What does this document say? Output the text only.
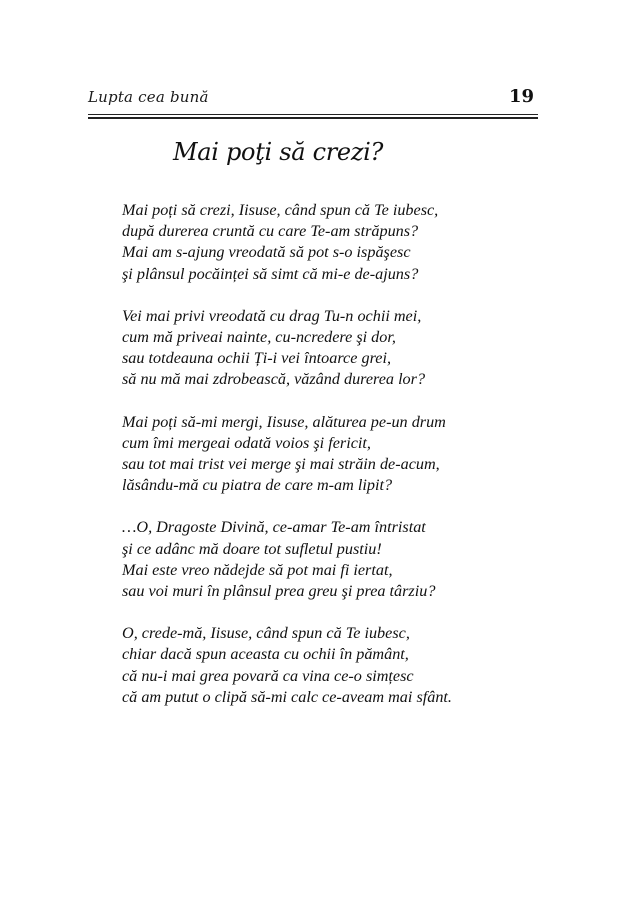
Lupta cea bună	19
Mai poţi să crezi?
Mai poți să crezi, Iisuse, când spun că Te iubesc,
după durerea cruntă cu care Te-am străpuns?
Mai am s-ajung vreodată să pot s-o ispăşesc
şi plânsul pocăinței să simt că mi-e de-ajuns?
Vei mai privi vreodată cu drag Tu-n ochii mei,
cum mă priveai nainte, cu-ncredere şi dor,
sau totdeauna ochii Ți-i vei întoarce grei,
să nu mă mai zdrobească, văzând durerea lor?
Mai poți să-mi mergi, Iisuse, alăturea pe-un drum
cum îmi mergeai odată voios şi fericit,
sau tot mai trist vei merge şi mai străin de-acum,
lăsându-mă cu piatra de care m-am lipit?
…O, Dragoste Divină, ce-amar Te-am întristat
şi ce adânc mă doare tot sufletul pustiu!
Mai este vreo nădejde să pot mai fi iertat,
sau voi muri în plânsul prea greu şi prea târziu?
O, crede-mă, Iisuse, când spun că Te iubesc,
chiar dacă spun aceasta cu ochii în pământ,
că nu-i mai grea povară ca vina ce-o simțesc
că am putut o clipă să-mi calc ce-aveam mai sfânt.
